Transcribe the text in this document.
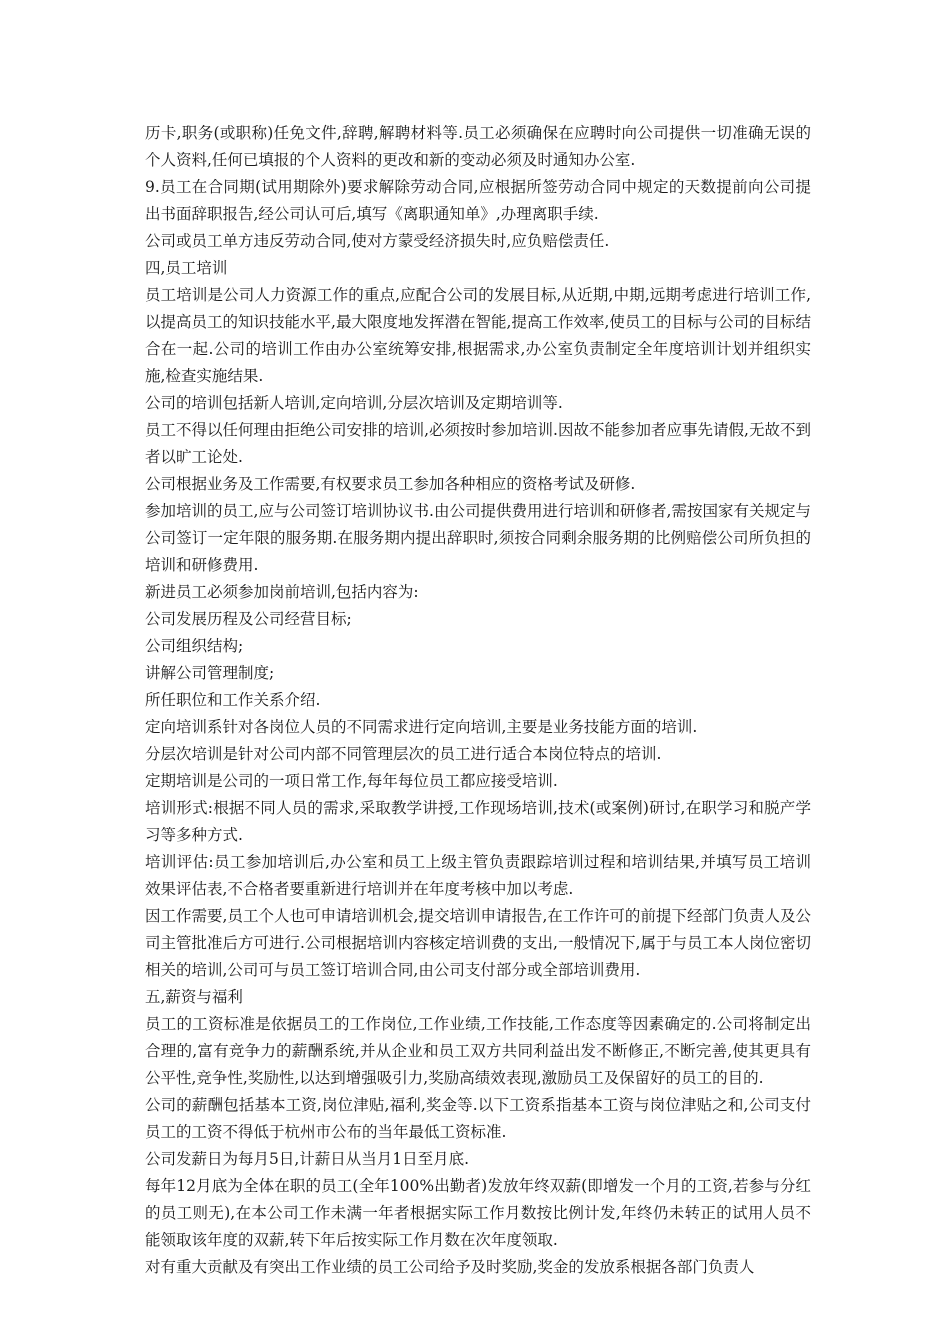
历卡,职务(或职称)任免文件,辞聘,解聘材料等.员工必须确保在应聘时向公司提供一切准确无误的个人资料,任何已填报的个人资料的更改和新的变动必须及时通知办公室.

9.员工在合同期(试用期除外)要求解除劳动合同,应根据所签劳动合同中规定的天数提前向公司提出书面辞职报告,经公司认可后,填写《离职通知单》,办理离职手续.

公司或员工单方违反劳动合同,使对方蒙受经济损失时,应负赔偿责任.

四,员工培训

员工培训是公司人力资源工作的重点,应配合公司的发展目标,从近期,中期,远期考虑进行培训工作,以提高员工的知识技能水平,最大限度地发挥潜在智能,提高工作效率,使员工的目标与公司的目标结合在一起.公司的培训工作由办公室统筹安排,根据需求,办公室负责制定全年度培训计划并组织实施,检查实施结果.

公司的培训包括新人培训,定向培训,分层次培训及定期培训等.

员工不得以任何理由拒绝公司安排的培训,必须按时参加培训.因故不能参加者应事先请假,无故不到者以旷工论处.

公司根据业务及工作需要,有权要求员工参加各种相应的资格考试及研修.

参加培训的员工,应与公司签订培训协议书.由公司提供费用进行培训和研修者,需按国家有关规定与公司签订一定年限的服务期.在服务期内提出辞职时,须按合同剩余服务期的比例赔偿公司所负担的培训和研修费用.

新进员工必须参加岗前培训,包括内容为:

公司发展历程及公司经营目标;

公司组织结构;

讲解公司管理制度;

所任职位和工作关系介绍.

定向培训系针对各岗位人员的不同需求进行定向培训,主要是业务技能方面的培训.

分层次培训是针对公司内部不同管理层次的员工进行适合本岗位特点的培训.

定期培训是公司的一项日常工作,每年每位员工都应接受培训.

培训形式:根据不同人员的需求,采取教学讲授,工作现场培训,技术(或案例)研讨,在职学习和脱产学习等多种方式.

培训评估:员工参加培训后,办公室和员工上级主管负责跟踪培训过程和培训结果,并填写员工培训效果评估表,不合格者要重新进行培训并在年度考核中加以考虑.

因工作需要,员工个人也可申请培训机会,提交培训申请报告,在工作许可的前提下经部门负责人及公司主管批准后方可进行.公司根据培训内容核定培训费的支出,一般情况下,属于与员工本人岗位密切相关的培训,公司可与员工签订培训合同,由公司支付部分或全部培训费用.

五,薪资与福利

员工的工资标准是依据员工的工作岗位,工作业绩,工作技能,工作态度等因素确定的.公司将制定出合理的,富有竞争力的薪酬系统,并从企业和员工双方共同利益出发不断修正,不断完善,使其更具有公平性,竞争性,奖励性,以达到增强吸引力,奖励高绩效表现,激励员工及保留好的员工的目的.

公司的薪酬包括基本工资,岗位津贴,福利,奖金等.以下工资系指基本工资与岗位津贴之和,公司支付员工的工资不得低于杭州市公布的当年最低工资标准.

公司发薪日为每月5日,计薪日从当月1日至月底.

每年12月底为全体在职的员工(全年100%出勤者)发放年终双薪(即增发一个月的工资,若参与分红的员工则无),在本公司工作未满一年者根据实际工作月数按比例计发,年终仍未转正的试用人员不能领取该年度的双薪,转下年后按实际工作月数在次年度领取.

对有重大贡献及有突出工作业绩的员工公司给予及时奖励,奖金的发放系根据各部门负责人
